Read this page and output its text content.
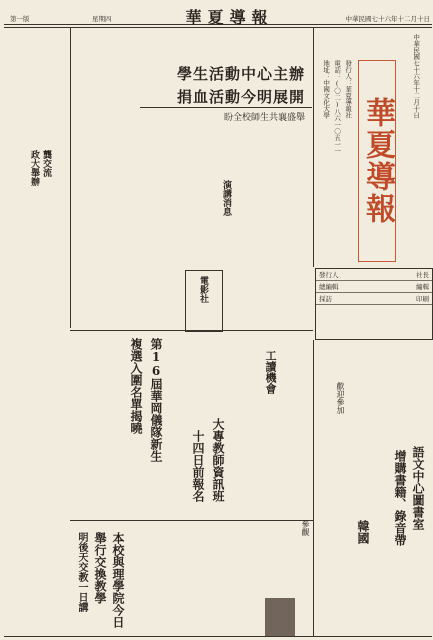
第一版	星期四	華夏導報	中華民國七十六年十二月十日
中華民國七十六年十二月十日
地址：中國文化大學 電話：(〇二)八六一〇五一一 發行人：華夏導報社
華夏導報
發行人	社長
總編輯	編輯
採訪	印刷
學生活動中心主辦
捐血活動今明展開
盼全校師生共襄盛舉
龔交流
政大舉辦
演講消息
電影社
工讀機會
第16屆華岡儀隊新生
複選入圍名單揭曉
大專教師資訊班
十四日前報名
歡迎參加
語文中心圖書室
增購書籍、錄音帶
本校與理學院今日
舉行交換教學
明後天交教一日講	韓國
參觀
